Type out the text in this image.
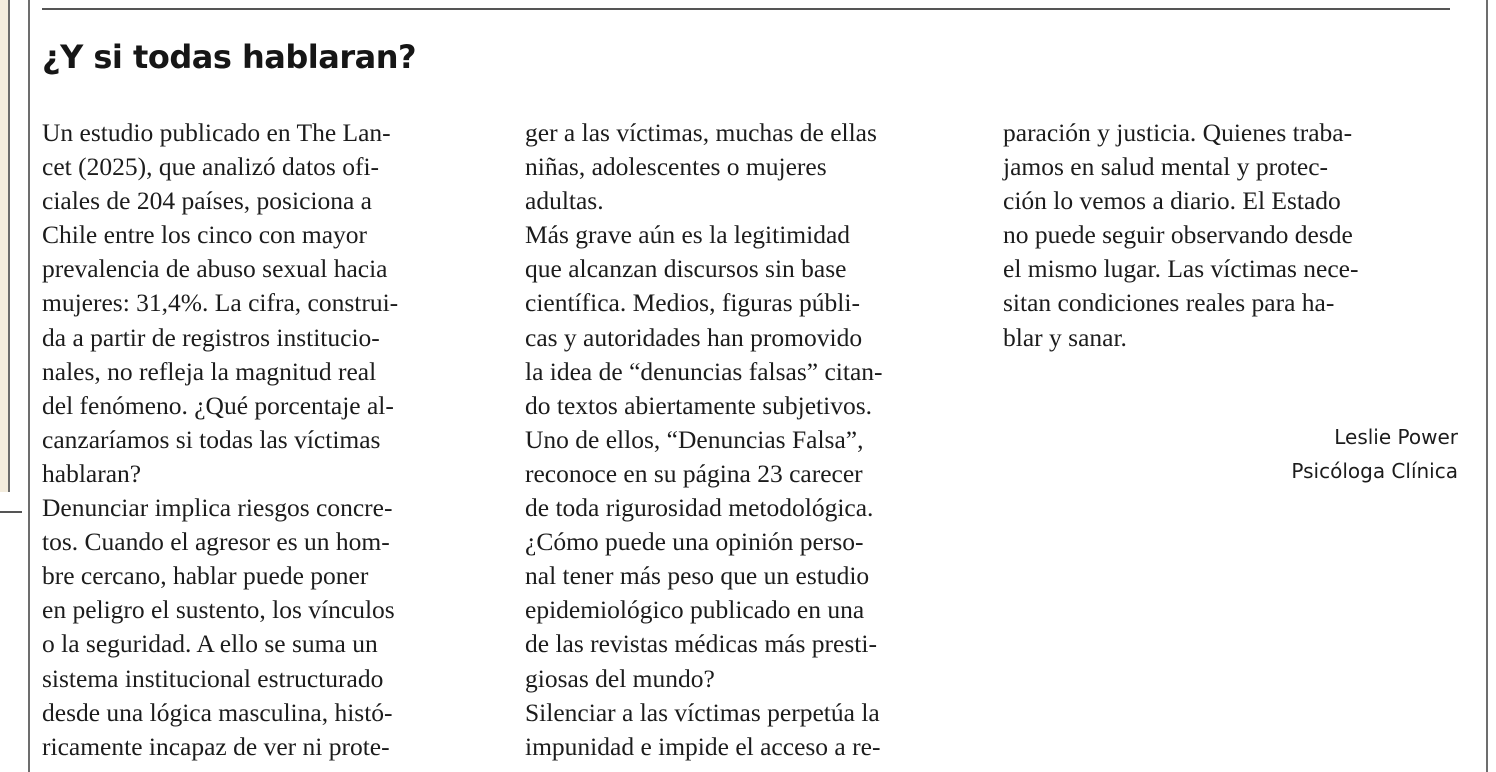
¿Y si todas hablaran?
Un estudio publicado en The Lan-
cet (2025), que analizó datos ofi-
ciales de 204 países, posiciona a
Chile entre los cinco con mayor
prevalencia de abuso sexual hacia
mujeres: 31,4%. La cifra, construi-
da a partir de registros institucio-
nales, no refleja la magnitud real
del fenómeno. ¿Qué porcentaje al-
canzaríamos si todas las víctimas
hablaran?
Denunciar implica riesgos concre-
tos. Cuando el agresor es un hom-
bre cercano, hablar puede poner
en peligro el sustento, los vínculos
o la seguridad. A ello se suma un
sistema institucional estructurado
desde una lógica masculina, histó-
ricamente incapaz de ver ni prote-
ger a las víctimas, muchas de ellas
niñas, adolescentes o mujeres
adultas.
Más grave aún es la legitimidad
que alcanzan discursos sin base
científica. Medios, figuras públi-
cas y autoridades han promovido
la idea de “denuncias falsas” citan-
do textos abiertamente subjetivos.
Uno de ellos, “Denuncias Falsa”,
reconoce en su página 23 carecer
de toda rigurosidad metodológica.
¿Cómo puede una opinión perso-
nal tener más peso que un estudio
epidemiológico publicado en una
de las revistas médicas más presti-
giosas del mundo?
Silenciar a las víctimas perpetúa la
impunidad e impide el acceso a re-
paración y justicia. Quienes traba-
jamos en salud mental y protec-
ción lo vemos a diario. El Estado
no puede seguir observando desde
el mismo lugar. Las víctimas nece-
sitan condiciones reales para ha-
blar y sanar.
Leslie Power
Psicóloga Clínica
